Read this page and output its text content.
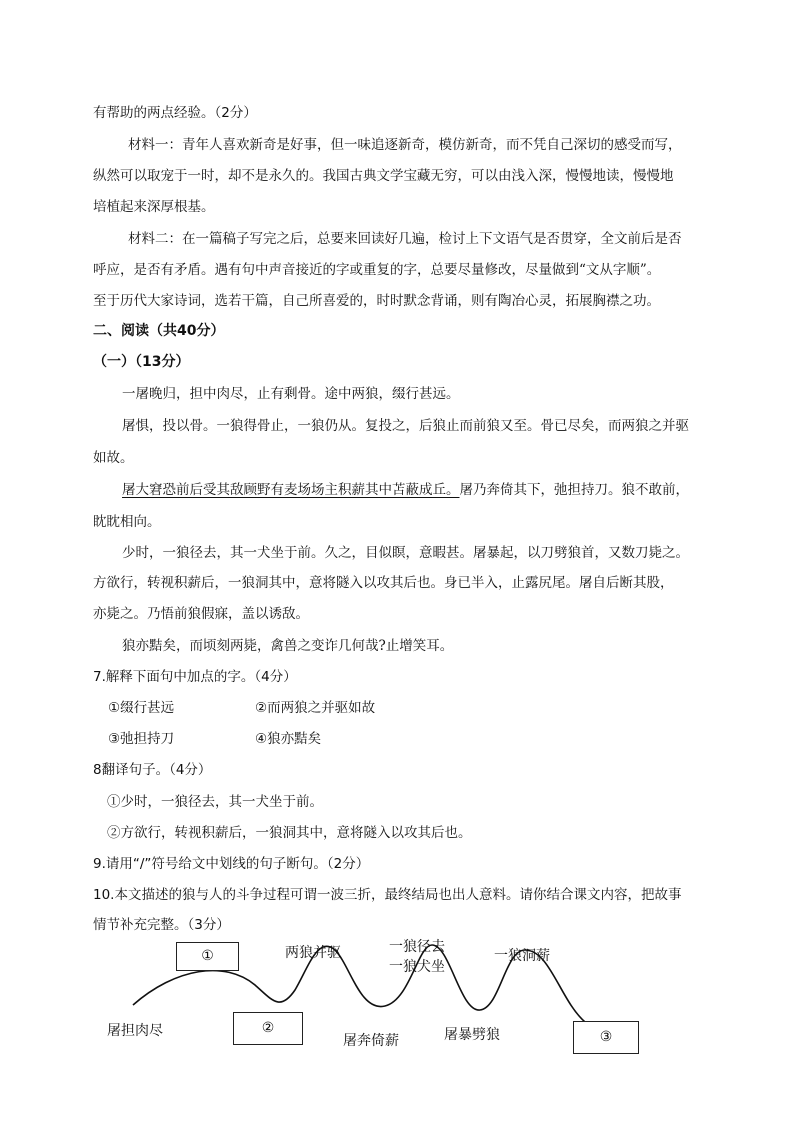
有帮助的两点经验。（2分）
材料一：青年人喜欢新奇是好事，但一味追逐新奇，模仿新奇，而不凭自己深切的感受而写，
纵然可以取宠于一时，却不是永久的。我国古典文学宝藏无穷，可以由浅入深，慢慢地读，慢慢地
培植起来深厚根基。
材料二：在一篇稿子写完之后，总要来回读好几遍，检讨上下文语气是否贯穿，全文前后是否
呼应，是否有矛盾。遇有句中声音接近的字或重复的字，总要尽量修改，尽量做到“文从字顺”。
至于历代大家诗词，选若干篇，自己所喜爱的，时时默念背诵，则有陶冶心灵，拓展胸襟之功。
二、阅读（共40分）
（一）（13分）
一屠晚归，担中肉尽，止有剩骨。途中两狼，缀行甚远。
屠惧，投以骨。一狼得骨止，一狼仍从。复投之，后狼止而前狼又至。骨已尽矣，而两狼之并驱
如故。
屠大窘恐前后受其敌顾野有麦场场主积薪其中苫蔽成丘。屠乃奔倚其下，弛担持刀。狼不敢前，
眈眈相向。
少时，一狼径去，其一犬坐于前。久之，目似瞑，意暇甚。屠暴起，以刀劈狼首，又数刀毙之。
方欲行，转视积薪后，一狼洞其中，意将隧入以攻其后也。身已半入，止露尻尾。屠自后断其股，
亦毙之。乃悟前狼假寐，盖以诱敌。
狼亦黠矣，而顷刻两毙，禽兽之变诈几何哉?止增笑耳。
7.解释下面句中加点的字。（4分）
①缀行甚远	②而两狼之并驱如故
③弛担持刀	④狼亦黠矣
8翻译句子。（4分）
①少时，一狼径去，其一犬坐于前。
②方欲行，转视积薪后，一狼洞其中，意将隧入以攻其后也。
9.请用“/”符号给文中划线的句子断句。（2分）
10.本文描述的狼与人的斗争过程可谓一波三折，最终结局也出人意料。请你结合课文内容，把故事
情节补充完整。（3分）
①
②
③
屠担肉尽
两狼并驱
屠奔倚薪
一狼径去
一狼犬坐
屠暴劈狼
一狼洞薪
